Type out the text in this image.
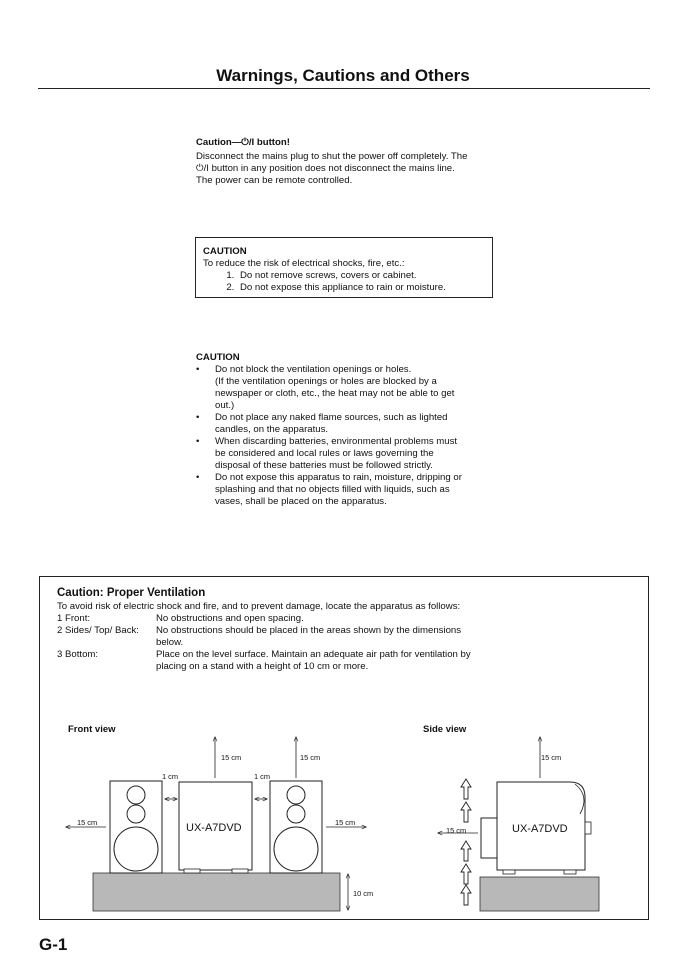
Warnings, Cautions and Others
Caution—⏻/I button!
Disconnect the mains plug to shut the power off completely. The
⏻/I button in any position does not disconnect the mains line.
The power can be remote controlled.
CAUTION
To reduce the risk of electrical shocks, fire, etc.:
1. Do not remove screws, covers or cabinet.
2. Do not expose this appliance to rain or moisture.
CAUTION
• Do not block the ventilation openings or holes.
(If the ventilation openings or holes are blocked by a
newspaper or cloth, etc., the heat may not be able to get
out.)
• Do not place any naked flame sources, such as lighted
candles, on the apparatus.
• When discarding batteries, environmental problems must
be considered and local rules or laws governing the
disposal of these batteries must be followed strictly.
• Do not expose this apparatus to rain, moisture, dripping or
splashing and that no objects filled with liquids, such as
vases, shall be placed on the apparatus.
Caution: Proper Ventilation
To avoid risk of electric shock and fire, and to prevent damage, locate the apparatus as follows:
1 Front:	No obstructions and open spacing.
2 Sides/ Top/ Back: No obstructions should be placed in the areas shown by the dimensions
below.
3 Bottom:	Place on the level surface. Maintain an adequate air path for ventilation by
placing on a stand with a height of 10 cm or more.
Front view	Side view
15 cm	15 cm
1 cm	1 cm
15 cm	15 cm
10 cm
UX-A7DVD
15 cm
15 cm	UX-A7DVD
G-1
